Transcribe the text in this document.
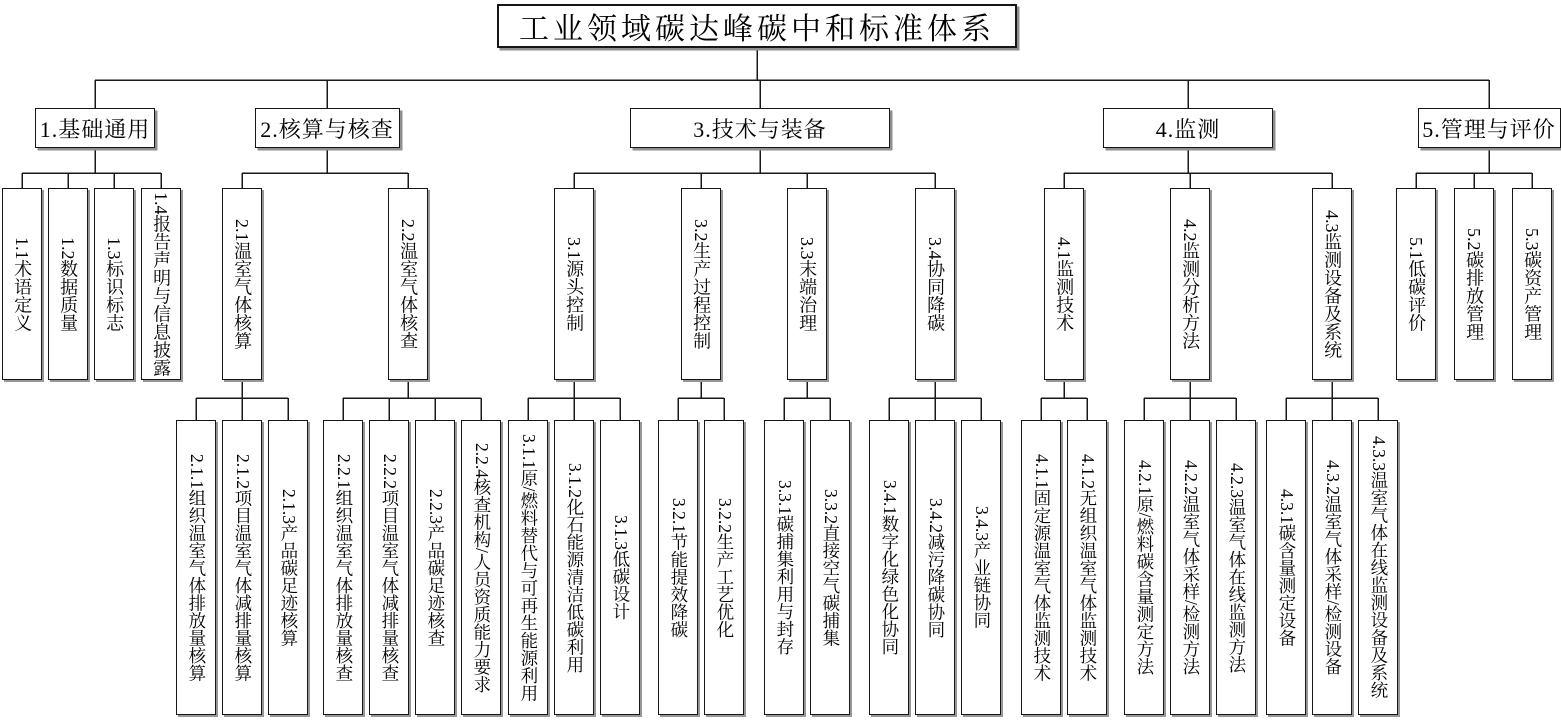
工业领域碳达峰碳中和标准体系
1.基础通用
1.1术语定义 1.2数据质量 1.3标识标志 1.4报告声明与信息披露
2.核算与核查
2.1温室气体核算
2.1.1组织温室气体排放量核算 2.1.2项目温室气体减排量核算 2.1.3产品碳足迹核算
2.2温室气体核查
2.2.1组织温室气体排放量核查 2.2.2项目温室气体减排量核查 2.2.3产品碳足迹核查 2.2.4核查机构/人员资质能力要求
3.技术与装备
3.1源头控制
3.1.1原/燃料替代与可再生能源利用 3.1.2化石能源清洁低碳利用 3.1.3低碳设计
3.2生产过程控制
3.2.1节能提效降碳 3.2.2生产工艺优化
3.3末端治理
3.3.1碳捕集利用与封存 3.3.2直接空气碳捕集
3.4协同降碳
3.4.1数字化绿色化协同 3.4.2减污降碳协同 3.4.3产业链协同
4.监测
4.1监测技术
4.1.1固定源温室气体监测技术 4.1.2无组织温室气体监测技术
4.2监测分析方法
4.2.1原/燃料碳含量测定方法 4.2.2温室气体采样/检测方法 4.2.3温室气体在线监测方法
4.3监测设备及系统
4.3.1碳含量测定设备 4.3.2温室气体采样/检测设备 4.3.3温室气体在线监测设备及系统
5.管理与评价
5.1低碳评价 5.2碳排放管理 5.3碳资产管理
